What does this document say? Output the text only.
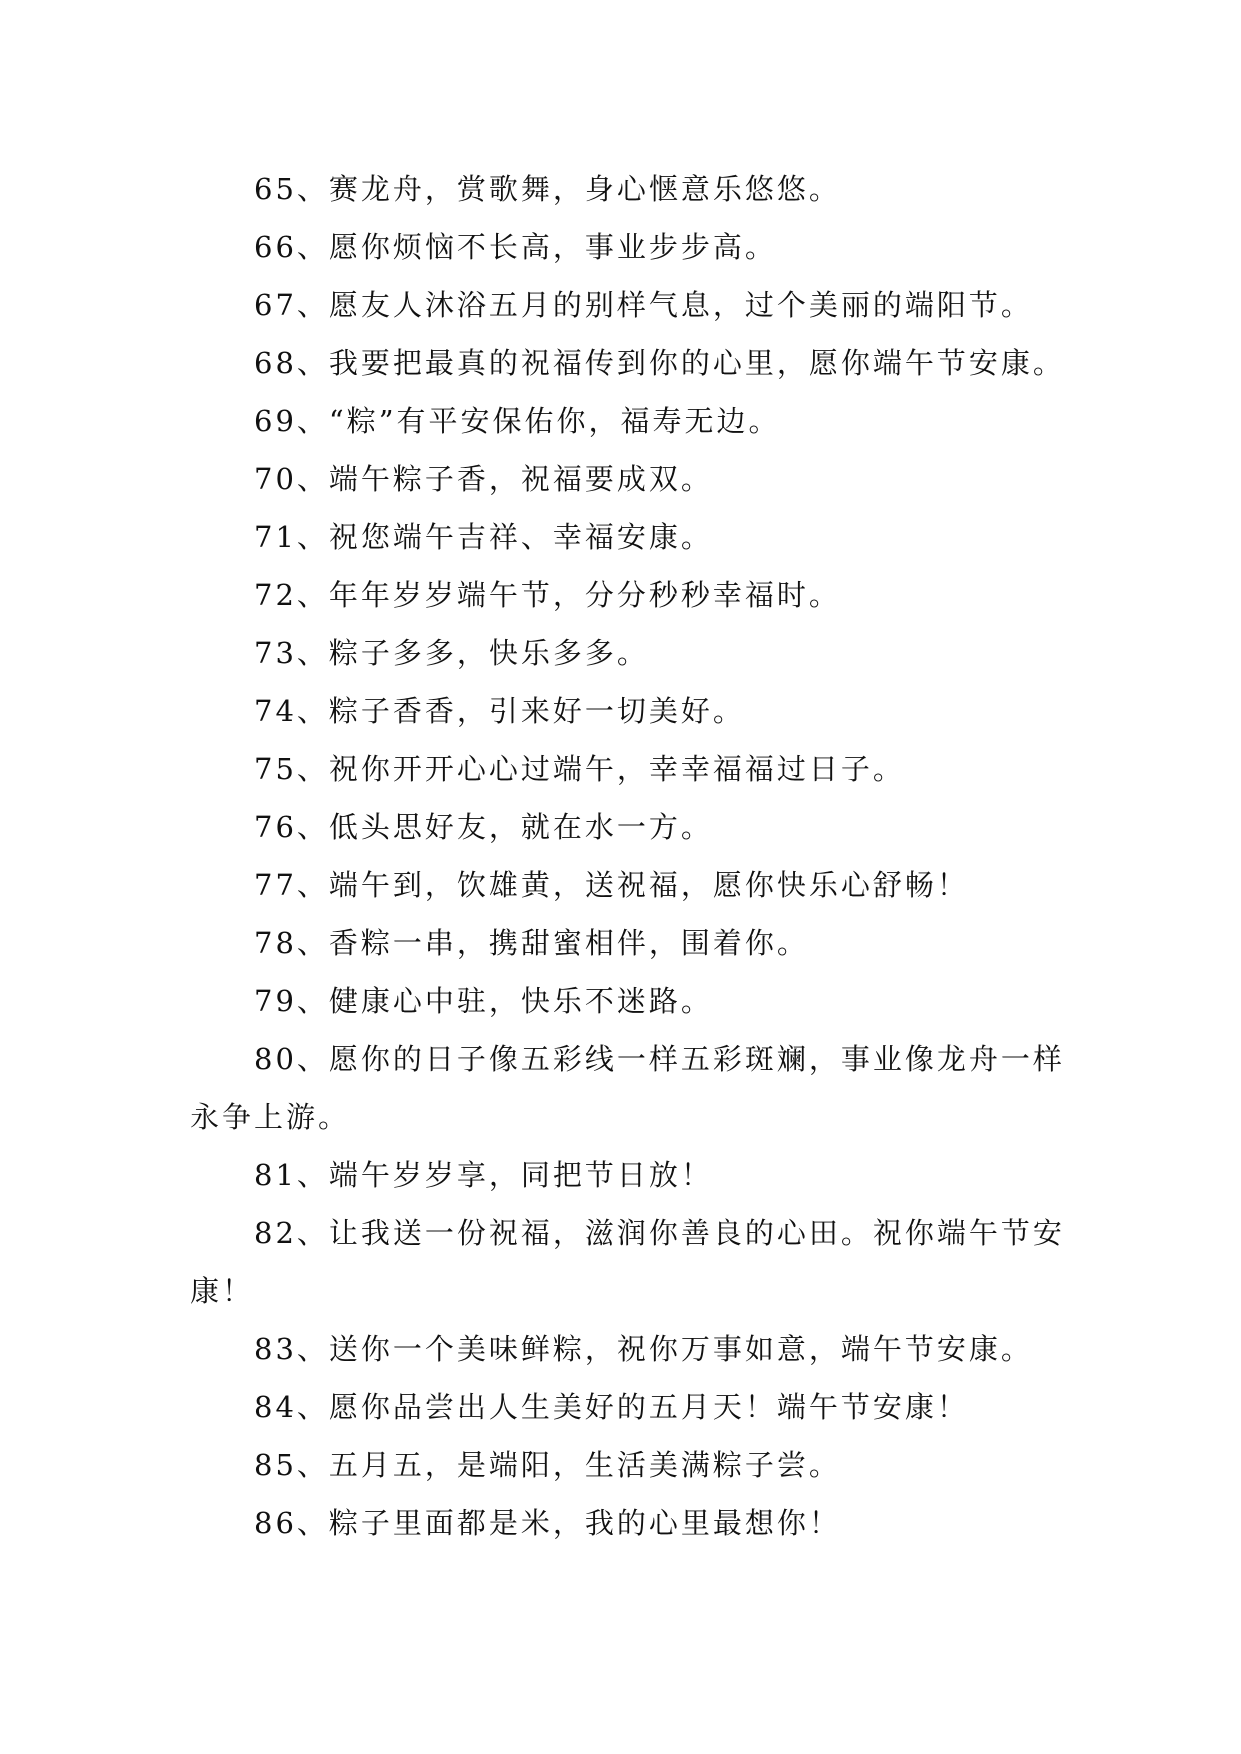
65、赛龙舟，赏歌舞，身心惬意乐悠悠。

66、愿你烦恼不长高，事业步步高。

67、愿友人沐浴五月的别样气息，过个美丽的端阳节。

68、我要把最真的祝福传到你的心里，愿你端午节安康。

69、“粽”有平安保佑你，福寿无边。

70、端午粽子香，祝福要成双。

71、祝您端午吉祥、幸福安康。

72、年年岁岁端午节，分分秒秒幸福时。

73、粽子多多，快乐多多。

74、粽子香香，引来好一切美好。

75、祝你开开心心过端午，幸幸福福过日子。

76、低头思好友，就在水一方。

77、端午到，饮雄黄，送祝福，愿你快乐心舒畅！

78、香粽一串，携甜蜜相伴，围着你。

79、健康心中驻，快乐不迷路。

80、愿你的日子像五彩线一样五彩斑斓，事业像龙舟一样永争上游。

81、端午岁岁享，同把节日放！

82、让我送一份祝福，滋润你善良的心田。祝你端午节安康！

83、送你一个美味鲜粽，祝你万事如意，端午节安康。

84、愿你品尝出人生美好的五月天！端午节安康！

85、五月五，是端阳，生活美满粽子尝。

86、粽子里面都是米，我的心里最想你！
